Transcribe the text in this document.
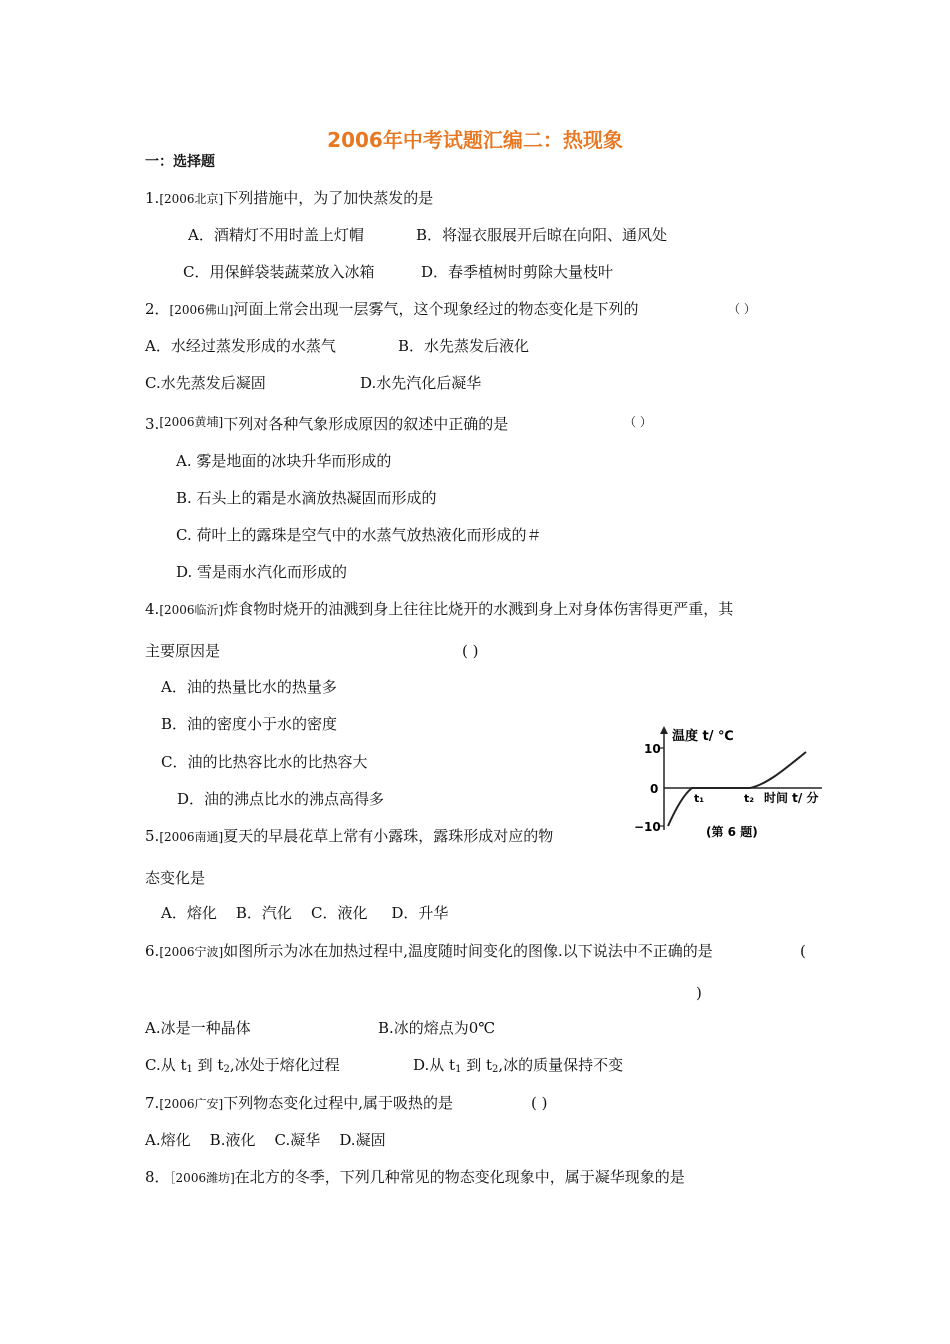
2006年中考试题汇编二：热现象
一：选择题
1.[2006北京]下列措施中，为了加快蒸发的是
A．酒精灯不用时盖上灯帽	B．将湿衣服展开后晾在向阳、通风处
C．用保鲜袋装蔬菜放入冰箱	D．春季植树时剪除大量枝叶
2．[2006佛山]河面上常会出现一层雾气，这个现象经过的物态变化是下列的	（ ）
A．水经过蒸发形成的水蒸气	B．水先蒸发后液化
C.水先蒸发后凝固	D.水先汽化后凝华
3.[2006黄埔]下列对各种气象形成原因的叙述中正确的是	（ ）
A. 雾是地面的冰块升华而形成的
B. 石头上的霜是水滴放热凝固而形成的
C. 荷叶上的露珠是空气中的水蒸气放热液化而形成的＃
D. 雪是雨水汽化而形成的
4.[2006临沂]炸食物时烧开的油溅到身上往往比烧开的水溅到身上对身体伤害得更严重，其
主要原因是	( )
A．油的热量比水的热量多
B．油的密度小于水的密度
C．油的比热容比水的比热容大
D．油的沸点比水的沸点高得多
5.[2006南通]夏天的早晨花草上常有小露珠，露珠形成对应的物
态变化是
A．熔化    B．汽化    C．液化     D．升华
温度 t/ ℃
10
0
−10
t₁	t₂ 时间 t/ 分
(第 6 题)
6.[2006宁波]如图所示为冰在加热过程中,温度随时间变化的图像.以下说法中不正确的是	(
)
A.冰是一种晶体	B.冰的熔点为0℃
C.从 $t_1$ 到 $t_2$,冰处于熔化过程	D.从 $t_1$ 到 $t_2$,冰的质量保持不变
7.[2006广安]下列物态变化过程中,属于吸热的是	( )
A.熔化    B.液化    C.凝华    D.凝固
8．［2006潍坊]在北方的冬季，下列几种常见的物态变化现象中，属于凝华现象的是
